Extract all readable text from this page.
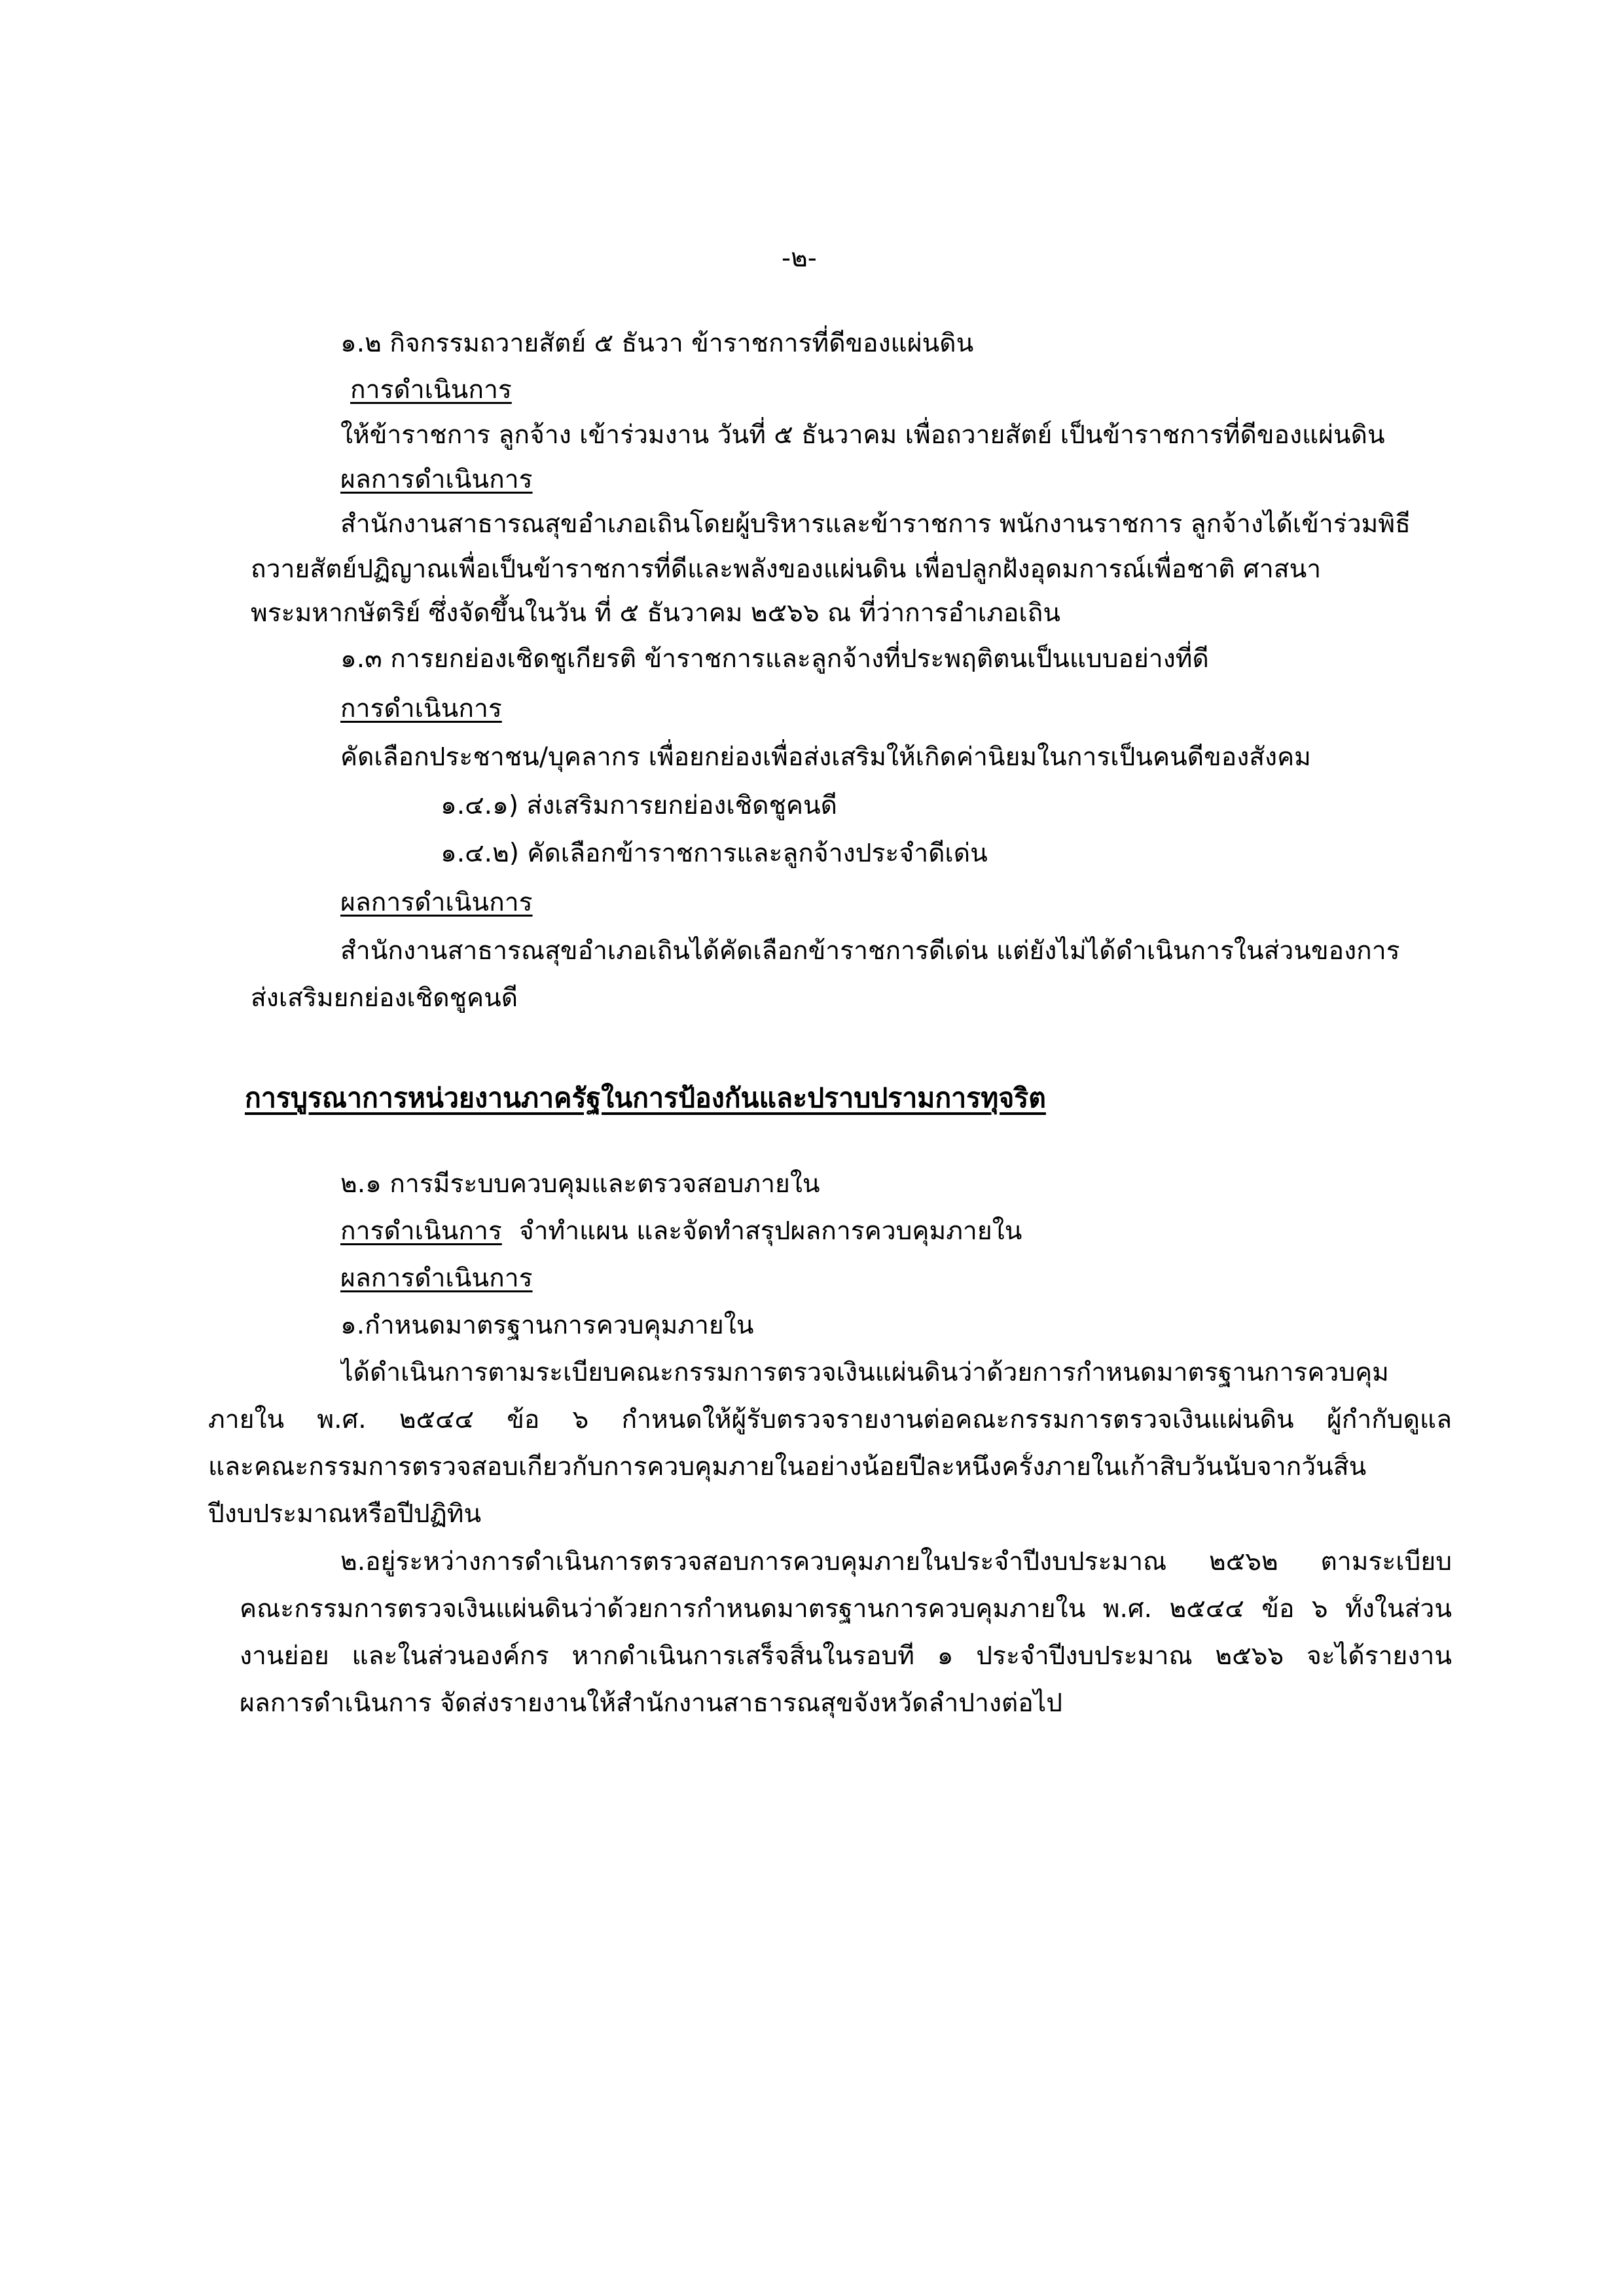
-๒-
๑.๒ กิจกรรมถวายสัตย์ ๕ ธันวา ข้าราชการที่ดีของแผ่นดิน
การดำเนินการ
ให้ข้าราชการ ลูกจ้าง เข้าร่วมงาน วันที่ ๕ ธันวาคม เพื่อถวายสัตย์ เป็นข้าราชการที่ดีของแผ่นดิน
ผลการดำเนินการ
สำนักงานสาธารณสุขอำเภอเถินโดยผู้บริหารและข้าราชการ พนักงานราชการ ลูกจ้างได้เข้าร่วมพิธี
ถวายสัตย์ปฏิญาณเพื่อเป็นข้าราชการที่ดีและพลังของแผ่นดิน เพื่อปลูกฝังอุดมการณ์เพื่อชาติ ศาสนา
พระมหากษัตริย์ ซึ่งจัดขึ้นในวัน ที่ ๕ ธันวาคม ๒๕๖๖ ณ ที่ว่าการอำเภอเถิน
๑.๓ การยกย่องเชิดชูเกียรติ ข้าราชการและลูกจ้างที่ประพฤติตนเป็นแบบอย่างที่ดี
การดำเนินการ
คัดเลือกประชาชน/บุคลากร เพื่อยกย่องเพื่อส่งเสริมให้เกิดค่านิยมในการเป็นคนดีของสังคม
๑.๔.๑) ส่งเสริมการยกย่องเชิดชูคนดี
๑.๔.๒) คัดเลือกข้าราชการและลูกจ้างประจำดีเด่น
ผลการดำเนินการ
สำนักงานสาธารณสุขอำเภอเถินได้คัดเลือกข้าราชการดีเด่น แต่ยังไม่ได้ดำเนินการในส่วนของการ
ส่งเสริมยกย่องเชิดชูคนดี
การบูรณาการหน่วยงานภาครัฐในการป้องกันและปราบปรามการทุจริต
๒.๑ การมีระบบควบคุมและตรวจสอบภายใน
การดำเนินการ จำทำแผน และจัดทำสรุปผลการควบคุมภายใน
ผลการดำเนินการ
๑.กำหนดมาตรฐานการควบคุมภายใน
ได้ดำเนินการตามระเบียบคณะกรรมการตรวจเงินแผ่นดินว่าด้วยการกำหนดมาตรฐานการควบคุม
ภายใน พ.ศ. ๒๕๔๔ ข้อ ๖ กำหนดให้ผู้รับตรวจรายงานต่อคณะกรรมการตรวจเงินแผ่นดิน ผู้กำกับดูแล
และคณะกรรมการตรวจสอบเกี่ยวกับการควบคุมภายในอย่างน้อยปีละหนึ่งครั้งภายในเก้าสิบวันนับจากวันสิ้น
ปีงบประมาณหรือปีปฏิทิน
๒.อยู่ระหว่างการดำเนินการตรวจสอบการควบคุมภายในประจำปีงบประมาณ ๒๕๖๒ ตามระเบียบ
คณะกรรมการตรวจเงินแผ่นดินว่าด้วยการกำหนดมาตรฐานการควบคุมภายใน พ.ศ. ๒๕๔๔ ข้อ ๖ ทั้งในส่วน
งานย่อย และในส่วนองค์กร หากดำเนินการเสร็จสิ้นในรอบที่ ๑ ประจำปีงบประมาณ ๒๕๖๖ จะได้รายงาน
ผลการดำเนินการ จัดส่งรายงานให้สำนักงานสาธารณสุขจังหวัดลำปางต่อไป
